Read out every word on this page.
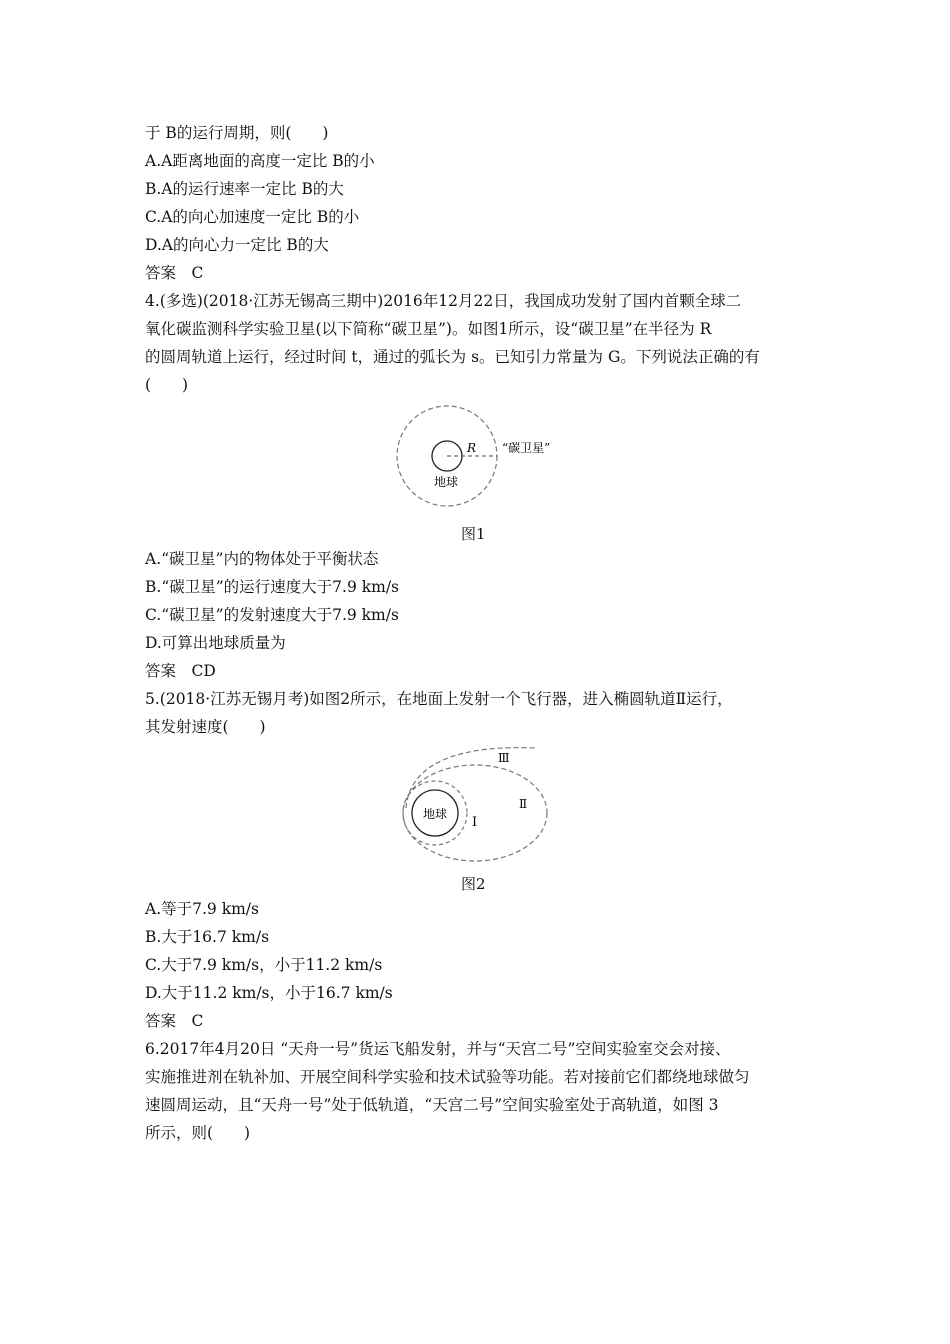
于 B的运行周期，则(　　)
A.A距离地面的高度一定比 B的小
B.A的运行速率一定比 B的大
C.A的向心加速度一定比 B的小
D.A的向心力一定比 B的大
答案　C
4.(多选)(2018·江苏无锡高三期中)2016年12月22日，我国成功发射了国内首颗全球二
氧化碳监测科学实验卫星(以下简称“碳卫星”)。如图1所示，设“碳卫星”在半径为 R
的圆周轨道上运行，经过时间 t，通过的弧长为 s。已知引力常量为 G。下列说法正确的有
(　　)
R “碳卫星”
地球
图1
A.“碳卫星”内的物体处于平衡状态
B.“碳卫星”的运行速度大于7.9 km/s
C.“碳卫星”的发射速度大于7.9 km/s
D.可算出地球质量为
答案　CD
5.(2018·江苏无锡月考)如图2所示，在地面上发射一个飞行器，进入椭圆轨道Ⅱ运行，
其发射速度(　　)
地球
Ⅰ
Ⅱ
Ⅲ
图2
A.等于7.9 km/s
B.大于16.7 km/s
C.大于7.9 km/s，小于11.2 km/s
D.大于11.2 km/s，小于16.7 km/s
答案　C
6.2017年4月20日 “天舟一号”货运飞船发射，并与“天宫二号”空间实验室交会对接、
实施推进剂在轨补加、开展空间科学实验和技术试验等功能。若对接前它们都绕地球做匀
速圆周运动，且“天舟一号”处于低轨道，“天宫二号”空间实验室处于高轨道，如图 3
所示，则(　　)
